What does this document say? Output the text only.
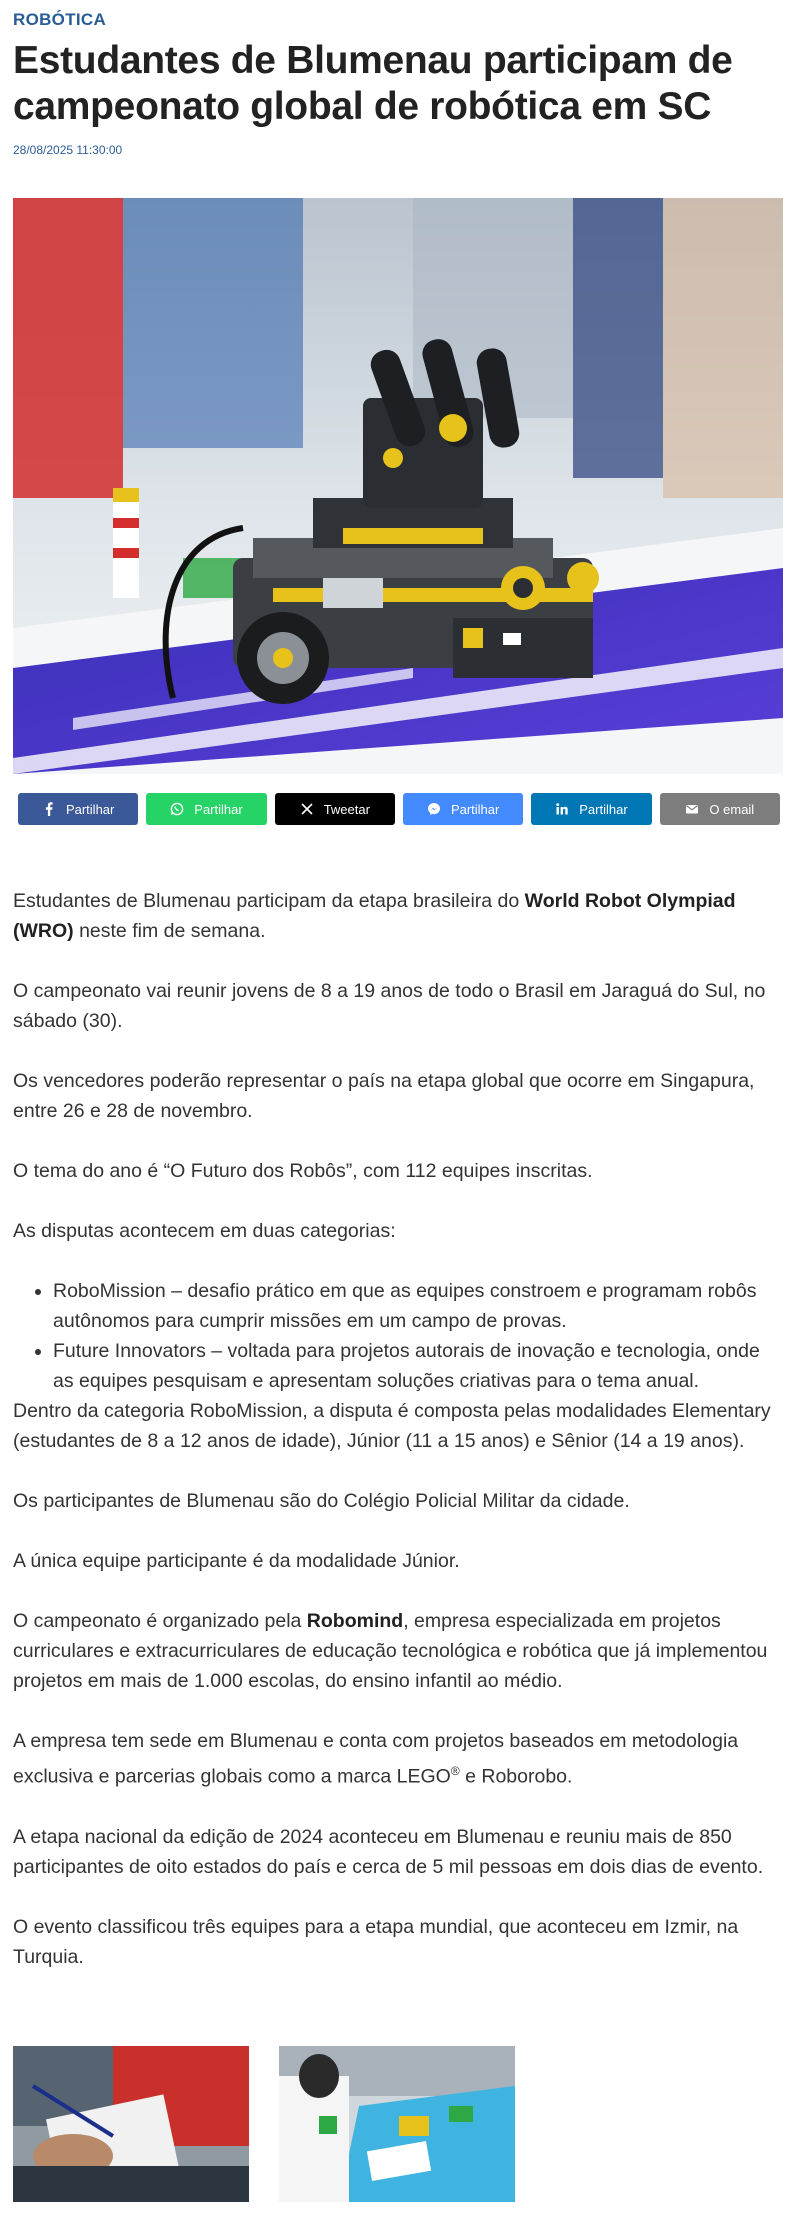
ROBÓTICA
Estudantes de Blumenau participam de campeonato global de robótica em SC
28/08/2025 11:30:00
Partilhar	Partilhar	Tweetar	Partilhar	Partilhar	O email

Estudantes de Blumenau participam da etapa brasileira do World Robot Olympiad (WRO) neste fim de semana.

O campeonato vai reunir jovens de 8 a 19 anos de todo o Brasil em Jaraguá do Sul, no sábado (30).

Os vencedores poderão representar o país na etapa global que ocorre em Singapura, entre 26 e 28 de novembro.

O tema do ano é “O Futuro dos Robôs”, com 112 equipes inscritas.

As disputas acontecem em duas categorias:

• RoboMission – desafio prático em que as equipes constroem e programam robôs autônomos para cumprir missões em um campo de provas.
• Future Innovators – voltada para projetos autorais de inovação e tecnologia, onde as equipes pesquisam e apresentam soluções criativas para o tema anual.

Dentro da categoria RoboMission, a disputa é composta pelas modalidades Elementary (estudantes de 8 a 12 anos de idade), Júnior (11 a 15 anos) e Sênior (14 a 19 anos).

Os participantes de Blumenau são do Colégio Policial Militar da cidade.

A única equipe participante é da modalidade Júnior.

O campeonato é organizado pela Robomind, empresa especializada em projetos curriculares e extracurriculares de educação tecnológica e robótica que já implementou projetos em mais de 1.000 escolas, do ensino infantil ao médio.

A empresa tem sede em Blumenau e conta com projetos baseados em metodologia exclusiva e parcerias globais como a marca LEGO® e Roborobo.

A etapa nacional da edição de 2024 aconteceu em Blumenau e reuniu mais de 850 participantes de oito estados do país e cerca de 5 mil pessoas em dois dias de evento.

O evento classificou três equipes para a etapa mundial, que aconteceu em Izmir, na Turquia.
